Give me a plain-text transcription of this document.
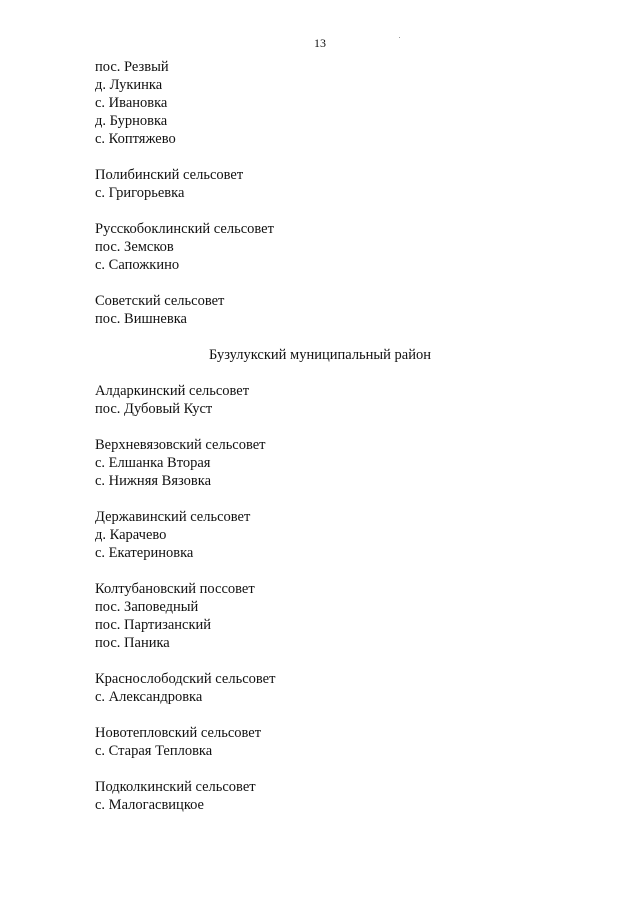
13
пос. Резвый
д. Лукинка
с. Ивановка
д. Бурновка
с. Коптяжево
Полибинский сельсовет
с. Григорьевка
Русскобоклинский сельсовет
пос. Земсков
с. Сапожкино
Советский сельсовет
пос. Вишневка
Бузулукский муниципальный район
Алдаркинский сельсовет
пос. Дубовый Куст
Верхневязовский сельсовет
с. Елшанка Вторая
с. Нижняя Вязовка
Державинский сельсовет
д. Карачево
с. Екатериновка
Колтубановский поссовет
пос. Заповедный
пос. Партизанский
пос. Паника
Краснослободский сельсовет
с. Александровка
Новотепловский сельсовет
с. Старая Тепловка
Подколкинский сельсовет
с. Малогасвицкое
